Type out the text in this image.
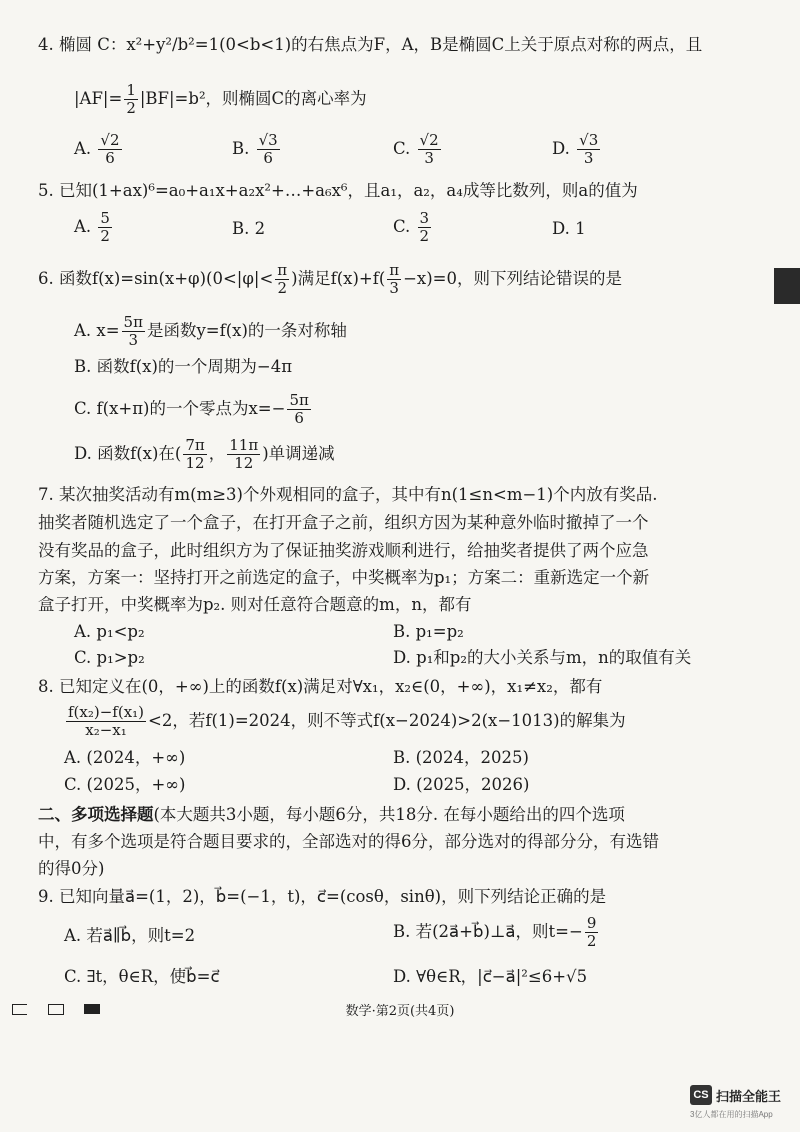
4. 椭圆 C：x²+y²/b²=1(0<b<1)的右焦点为F，A，B是椭圆C上关于原点对称的两点，且
$|AF|= \frac{1}{2} |BF|=b^2$，则椭圆C的离心率为
A. $\frac{√2}{6}$	B. $\frac{√3}{6}$	C. $\frac{√2}{3}$	D. $\frac{√3}{3}$
5. 已知(1+ax)⁶=a₀+a₁x+a₂x²+…+a₆x⁶，且a₁，a₂，a₄成等比数列，则a的值为
A. $\frac{5}{2}$	B. 2	C. $\frac{3}{2}$	D. 1
6. 函数$f(x)=\sin(x+\varphi)(0<|\varphi|< \frac{\pi}{2}$ )满足$f(x)+f( \frac{\pi}{3} -x)=0$，则下列结论错误的是
A. $x= \frac{5\pi}{3}$ 是函数y=f(x)的一条对称轴
B. 函数f(x)的一个周期为−4π
C. f(x+π)的一个零点为$x=- \frac{5\pi}{6}$
D. 函数f(x)在( $\frac{7\pi}{12}$ ， $\frac{11\pi}{12}$ )单调递减
7. 某次抽奖活动有m(m≥3)个外观相同的盒子，其中有n(1≤n<m−1)个内放有奖品.
抽奖者随机选定了一个盒子，在打开盒子之前，组织方因为某种意外临时撤掉了一个
没有奖品的盒子，此时组织方为了保证抽奖游戏顺利进行，给抽奖者提供了两个应急
方案，方案一：坚持打开之前选定的盒子，中奖概率为p₁；方案二：重新选定一个新
盒子打开，中奖概率为p₂. 则对任意符合题意的m，n，都有
A. p₁<p₂	B. p₁=p₂
C. p₁>p₂	D. p₁和p₂的大小关系与m，n的取值有关
8. 已知定义在(0，+∞)上的函数f(x)满足对∀x₁，x₂∈(0，+∞)，x₁≠x₂，都有
$\frac{\text{f(x₂)−f(x₁)}}{\text{x₂−x₁}} <2$，若f(1)=2024，则不等式f(x−2024)>2(x−1013)的解集为
A. (2024，+∞)	B. (2024，2025)
C. (2025，+∞)	D. (2025，2026)
二、多项选择题(本大题共3小题，每小题6分，共18分. 在每小题给出的四个选项
中，有多个选项是符合题目要求的，全部选对的得6分，部分选对的得部分分，有选错
的得0分)
9. 已知向量a⃗=(1，2)，b⃗=(−1，t)，c⃗=(cosθ，sinθ)，则下列结论正确的是
A. 若a⃗∥b⃗，则t=2	B. 若(2a⃗+b⃗)⊥a⃗，则$t=- \frac{9}{2}$
C. ∃t，θ∈R，使b⃗=c⃗	D. ∀θ∈R，|c⃗−a⃗|²≤6+√5
数学·第2页(共4页)
CS 扫描全能王
3亿人都在用的扫描App
